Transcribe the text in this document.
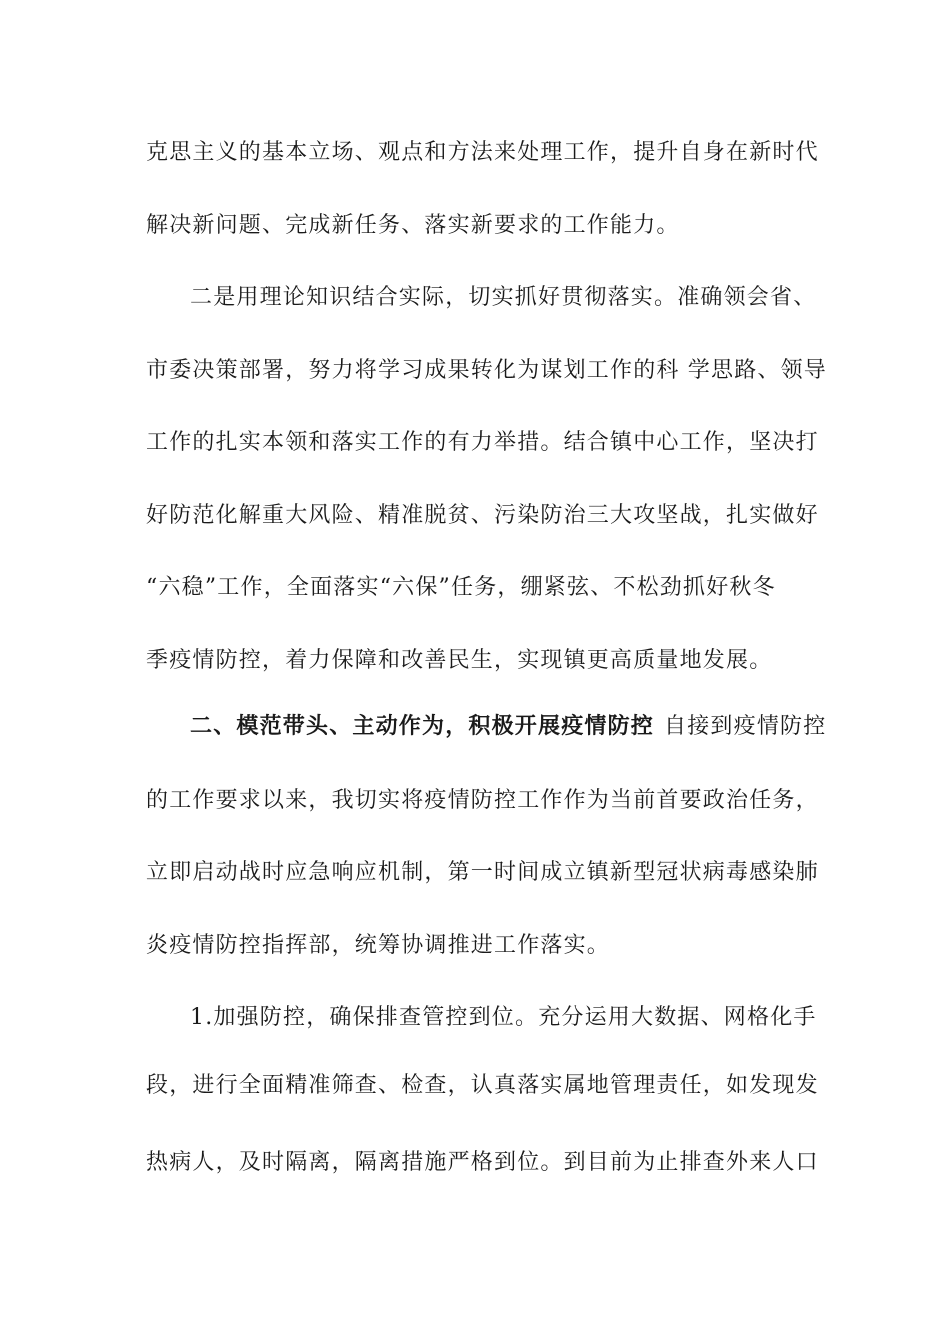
克思主义的基本立场、观点和方法来处理工作，提升自身在新时代
解决新问题、完成新任务、落实新要求的工作能力。
二是用理论知识结合实际，切实抓好贯彻落实。准确领会省、
市委决策部署，努力将学习成果转化为谋划工作的科 学思路、领导
工作的扎实本领和落实工作的有力举措。结合镇中心工作，坚决打
好防范化解重大风险、精准脱贫、污染防治三大攻坚战，扎实做好
“六稳”工作，全面落实“六保”任务，绷紧弦、不松劲抓好秋冬
季疫情防控，着力保障和改善民生，实现镇更高质量地发展。
二、模范带头、主动作为，积极开展疫情防控 自接到疫情防控
的工作要求以来，我切实将疫情防控工作作为当前首要政治任务，
立即启动战时应急响应机制，第一时间成立镇新型冠状病毒感染肺
炎疫情防控指挥部，统筹协调推进工作落实。
1.加强防控，确保排查管控到位。充分运用大数据、网格化手
段，进行全面精准筛查、检查，认真落实属地管理责任，如发现发
热病人，及时隔离，隔离措施严格到位。到目前为止排查外来人口
